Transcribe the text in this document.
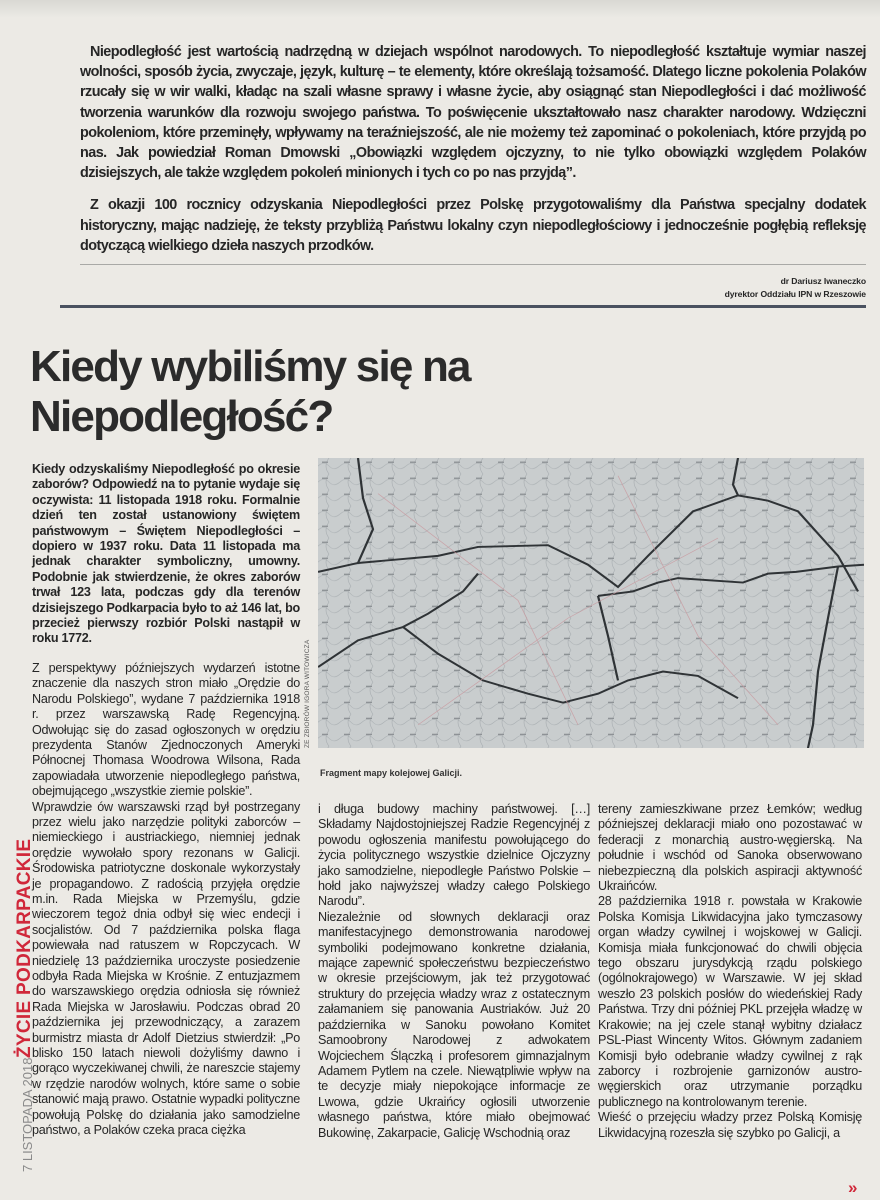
Niepodległość jest wartością nadrzędną w dziejach wspólnot narodowych. To niepodległość kształtuje wymiar naszej wolności, sposób życia, zwyczaje, język, kulturę – te elementy, które określają tożsamość. Dlatego liczne pokolenia Polaków rzucały się w wir walki, kładąc na szali własne sprawy i własne życie, aby osiągnąć stan Niepodległości i dać możliwość tworzenia warunków dla rozwoju swojego państwa. To poświęcenie ukształtowało nasz charakter narodowy. Wdzięczni pokoleniom, które przeminęły, wpływamy na teraźniejszość, ale nie możemy też zapominać o pokoleniach, które przyjdą po nas. Jak powiedział Roman Dmowski „Obowiązki względem ojczyzny, to nie tylko obowiązki względem Polaków dzisiejszych, ale także względem pokoleń minionych i tych co po nas przyjdą”.

Z okazji 100 rocznicy odzyskania Niepodległości przez Polskę przygotowaliśmy dla Państwa specjalny dodatek historyczny, mając nadzieję, że teksty przybliżą Państwu lokalny czyn niepodległościowy i jednocześnie pogłębią refleksję dotyczącą wielkiego dzieła naszych przodków.

dr Dariusz Iwaneczko
dyrektor Oddziału IPN w Rzeszowie
Kiedy wybiliśmy się na Niepodległość?

Kiedy odzyskaliśmy Niepodległość po okresie zaborów? Odpowiedź na to pytanie wydaje się oczywista: 11 listopada 1918 roku. Formalnie dzień ten został ustanowiony świętem państwowym – Świętem Niepodległości – dopiero w 1937 roku. Data 11 listopada ma jednak charakter symboliczny, umowny. Podobnie jak stwierdzenie, że okres zaborów trwał 123 lata, podczas gdy dla terenów dzisiejszego Podkarpacia było to aż 146 lat, bo przecież pierwszy rozbiór Polski nastąpił w roku 1772.

Z perspektywy późniejszych wydarzeń istotne znaczenie dla naszych stron miało „Orędzie do Narodu Polskiego”, wydane 7 października 1918 r. przez warszawską Radę Regencyjną. Odwołując się do zasad ogłoszonych w orędziu prezydenta Stanów Zjednoczonych Ameryki Północnej Thomasa Woodrowa Wilsona, Rada zapowiadała utworzenie niepodległego państwa, obejmującego „wszystkie ziemie polskie”.

Wprawdzie ów warszawski rząd był postrzegany przez wielu jako narzędzie polityki zaborców – niemieckiego i austriackiego, niemniej jednak orędzie wywołało spory rezonans w Galicji. Środowiska patriotyczne doskonale wykorzystały je propagandowo. Z radością przyjęła orędzie m.in. Rada Miejska w Przemyślu, gdzie wieczorem tegoż dnia odbył się wiec endecji i socjalistów. Od 7 października polska flaga powiewała nad ratuszem w Ropczycach. W niedzielę 13 października uroczyste posiedzenie odbyła Rada Miejska w Krośnie. Z entuzjazmem do warszawskiego orędzia odniosła się również Rada Miejska w Jarosławiu. Podczas obrad 20 października jej przewodniczący, a zarazem burmistrz miasta dr Adolf Dietzius stwierdził: „Po blisko 150 latach niewoli dożyliśmy dawno i gorąco wyczekiwanej chwili, że nareszcie stajemy w rzędzie narodów wolnych, które same o sobie stanowić mają prawo. Ostatnie wypadki polityczne powołują Polskę do działania jako samodzielne państwo, a Polaków czeka praca ciężka

i długa budowy machiny państwowej. […] Składamy Najdostojniejszej Radzie Regencyjnéj z powodu ogłoszenia manifestu powołującego do życia politycznego wszystkie dzielnice Ojczyzny jako samodzielne, niepodległe Państwo Polskie – hołd jako najwyższej władzy całego Polskiego Narodu”.

Niezależnie od słownych deklaracji oraz manifestacyjnego demonstrowania narodowej symboliki podejmowano konkretne działania, mające zapewnić społeczeństwu bezpieczeństwo w okresie przejściowym, jak też przygotować struktury do przejęcia władzy wraz z ostatecznym załamaniem się panowania Austriaków. Już 20 października w Sanoku powołano Komitet Samoobrony Narodowej z adwokatem Wojciechem Ślączką i profesorem gimnazjalnym Adamem Pytlem na czele. Niewątpliwie wpływ na te decyzje miały niepokojące informacje ze Lwowa, gdzie Ukraińcy ogłosili utworzenie własnego państwa, które miało obejmować Bukowinę, Zakarpacie, Galicję Wschodnią oraz

tereny zamieszkiwane przez Łemków; według późniejszej deklaracji miało ono pozostawać w federacji z monarchią austro-węgierską. Na południe i wschód od Sanoka obserwowano niebezpieczną dla polskich aspiracji aktywność Ukraińców.

28 października 1918 r. powstała w Krakowie Polska Komisja Likwidacyjna jako tymczasowy organ władzy cywilnej i wojskowej w Galicji. Komisja miała funkcjonować do chwili objęcia tego obszaru jurysdykcją rządu polskiego (ogólnokrajowego) w Warszawie. W jej skład weszło 23 polskich posłów do wiedeńskiej Rady Państwa. Trzy dni później PKL przejęła władzę w Krakowie; na jej czele stanął wybitny działacz PSL-Piast Wincenty Witos. Głównym zadaniem Komisji było odebranie władzy cywilnej z rąk zaborcy i rozbrojenie garnizonów austro-węgierskich oraz utrzymanie porządku publicznego na kontrolowanym terenie.

Wieść o przejęciu władzy przez Polską Komisję Likwidacyjną rozeszła się szybko po Galicji, a

»
ZE ZBIORÓW IGORA WITOWICZA
Fragment mapy kolejowej Galicji.
ŻYCIE PODKARPACKIE
7 LISTOPADA 2018
